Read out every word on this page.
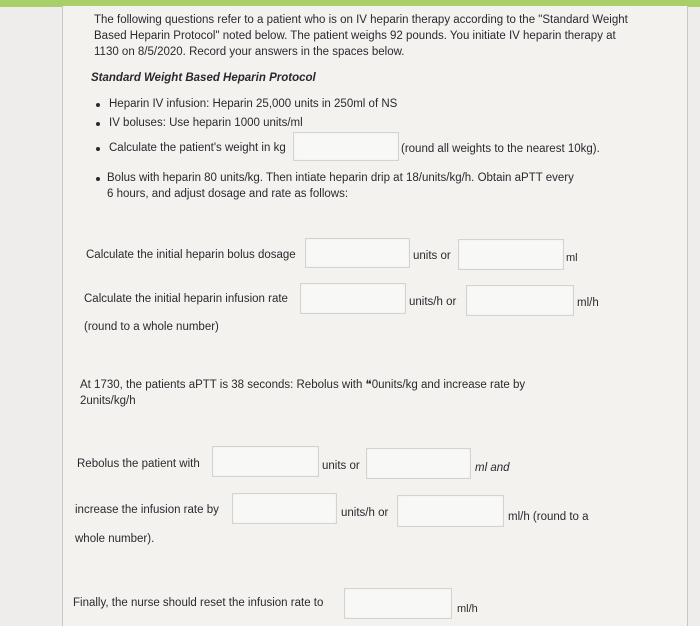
The following questions refer to a patient who is on IV heparin therapy according to the "Standard Weight Based Heparin Protocol" noted below. The patient weighs 92 pounds. You initiate IV heparin therapy at 1130 on 8/5/2020. Record your answers in the spaces below.
Standard Weight Based Heparin Protocol
Heparin IV infusion: Heparin 25,000 units in 250ml of NS
IV boluses: Use heparin 1000 units/ml
Calculate the patient's weight in kg	(round all weights to the nearest 10kg).
Bolus with heparin 80 units/kg. Then intiate heparin drip at 18/units/kg/h. Obtain aPTT every
6 hours, and adjust dosage and rate as follows:
Calculate the initial heparin bolus dosage	units or	ml
Calculate the initial heparin infusion rate	units/h or	ml/h
(round to a whole number)
At 1730, the patients aPTT is 38 seconds: Rebolus with ❝0units/kg and increase rate by
2units/kg/h
Rebolus the patient with	units or	ml and
increase the infusion rate by	units/h or	ml/h (round to a
whole number).
Finally, the nurse should reset the infusion rate to	ml/h
